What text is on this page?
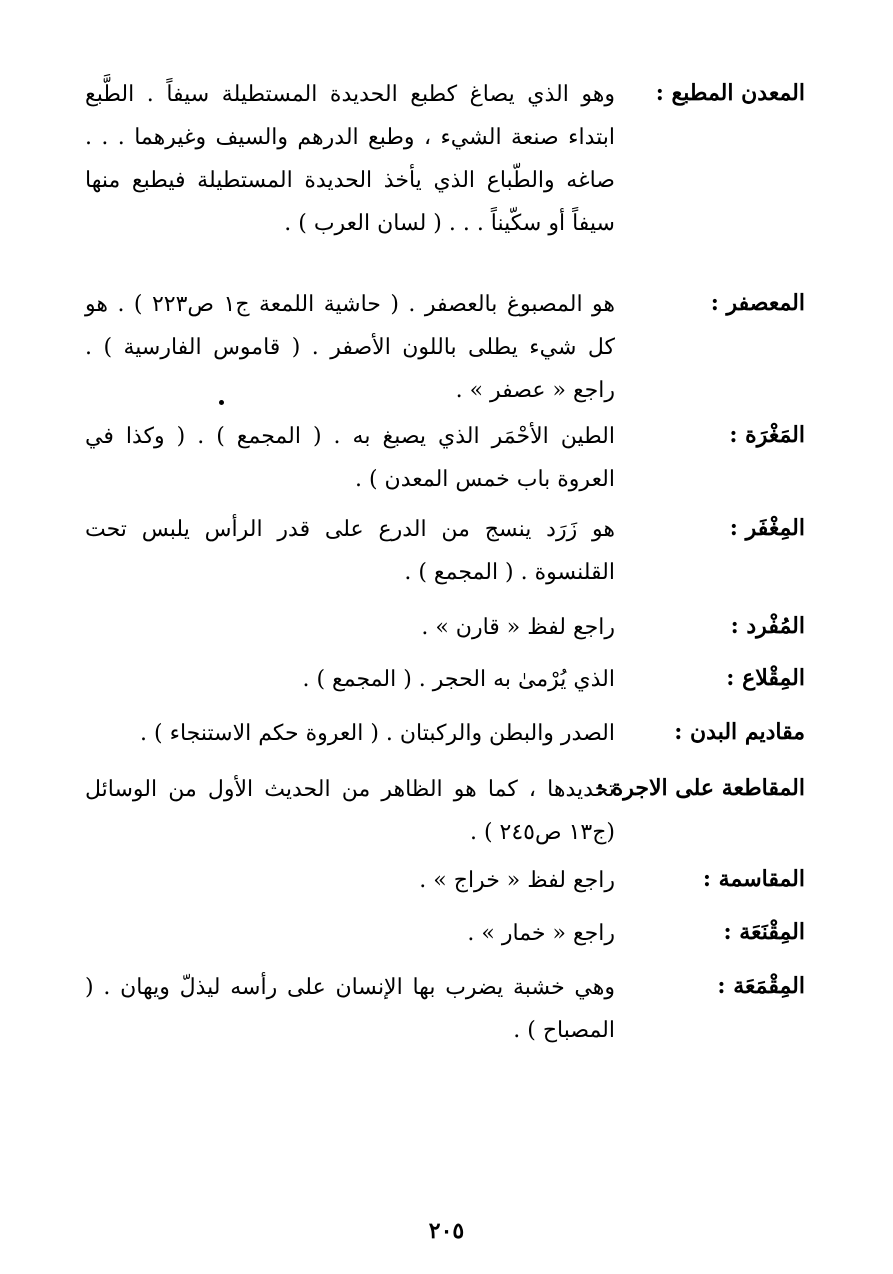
المعدن المطبع :
وهو الذي يصاغ كطبع الحديدة المستطيلة سيفاً . الطَّبع ابتداء صنعة الشيء ، وطبع الدرهم والسيف وغيرهما . . . صاغه والطّباع الذي يأخذ الحديدة المستطيلة فيطبع منها سيفاً أو سكّيناً . . . ( لسان العرب ) .
المعصفر :
هو المصبوغ بالعصفر . ( حاشية اللمعة ج١ ص٢٢٣ ) . هو كل شيء يطلى باللون الأصفر . ( قاموس الفارسية ) . راجع « عصفر » .
المَغْرَة :
الطين الأحْمَر الذي يصبغ به . ( المجمع ) . ( وكذا في العروة باب خمس المعدن ) .
المِغْفَر :
هو زَرَد ينسج من الدرع على قدر الرأس يلبس تحت القلنسوة . ( المجمع ) .
المُفْرد :
راجع لفظ « قارن » .
المِقْلاع :
الذي يُرْمىٰ به الحجر . ( المجمع ) .
مقاديم البدن :
الصدر والبطن والركبتان . ( العروة حكم الاستنجاء ) .
المقاطعة على الاجرة :
تحديدها ، كما هو الظاهر من الحديث الأول من الوسائل (ج١٣ ص٢٤٥ ) .
المقاسمة :
راجع لفظ « خراج » .
المِقْنَعَة :
راجع « خمار » .
المِقْمَعَة :
وهي خشبة يضرب بها الإنسان على رأسه ليذلّ ويهان . ( المصباح ) .
٢٠٥
